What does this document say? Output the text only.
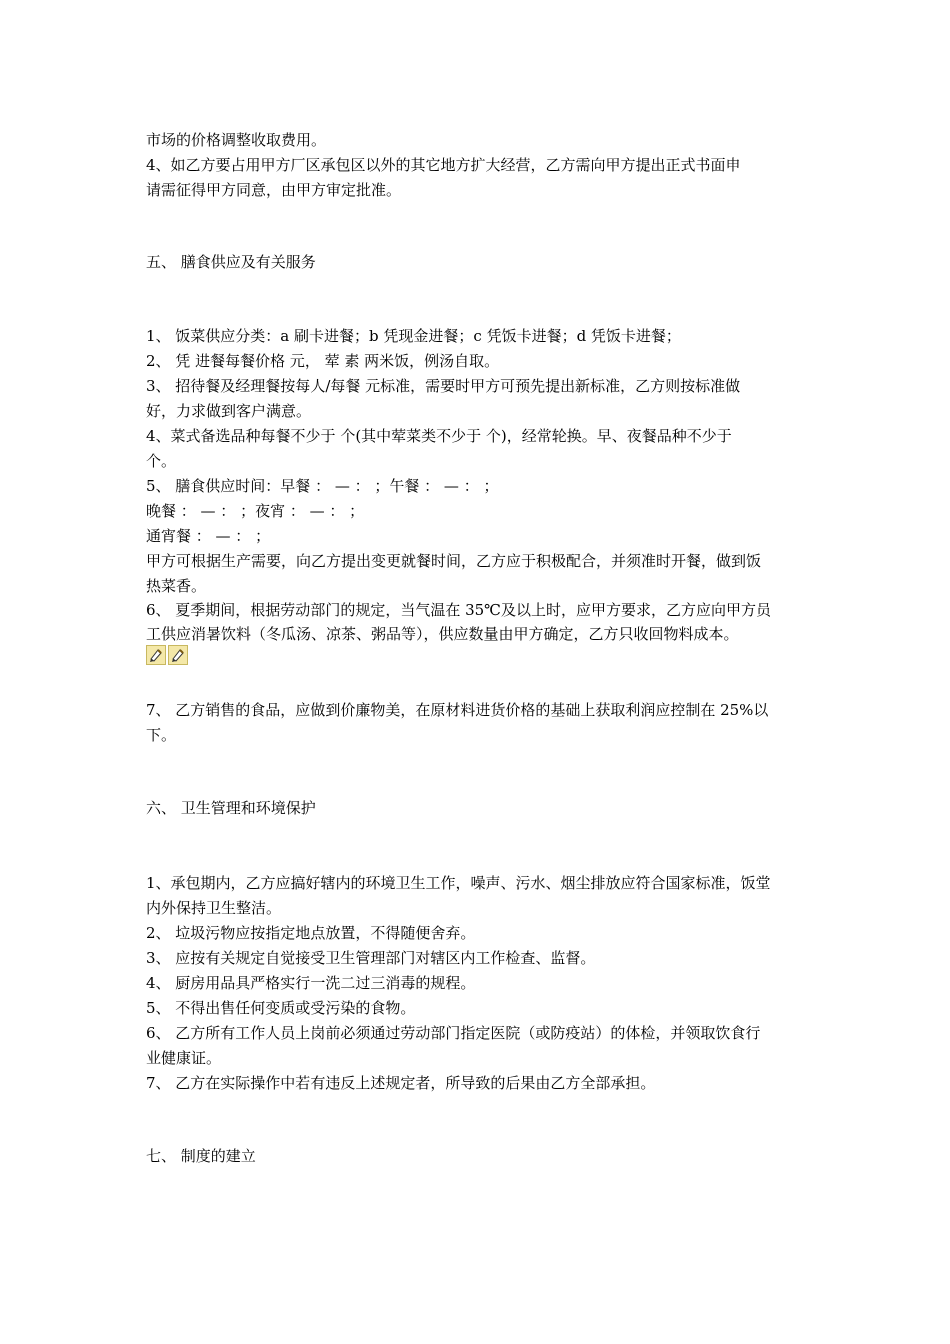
市场的价格调整收取费用。
4、如乙方要占用甲方厂区承包区以外的其它地方扩大经营，乙方需向甲方提出正式书面申
请需征得甲方同意，由甲方审定批准。
五、 膳食供应及有关服务
1、 饭菜供应分类：a 刷卡进餐；b 凭现金进餐；c 凭饭卡进餐；d 凭饭卡进餐；
2、 凭 进餐每餐价格 元， 荤 素 两米饭，例汤自取。
3、 招待餐及经理餐按每人/每餐 元标准，需要时甲方可预先提出新标准，乙方则按标准做
好，力求做到客户满意。
4、菜式备选品种每餐不少于 个(其中荤菜类不少于 个)，经常轮换。早、夜餐品种不少于
个。
5、 膳食供应时间：早餐 ： — ： ；午餐 ： — ： ；
晚餐 ： — ： ；夜宵 ： — ： ；
通宵餐 ： — ： ；
甲方可根据生产需要，向乙方提出变更就餐时间，乙方应于积极配合，并须准时开餐，做到饭
热菜香。
6、 夏季期间，根据劳动部门的规定，当气温在 35℃及以上时，应甲方要求，乙方应向甲方员
工供应消暑饮料（冬瓜汤、凉茶、粥品等），供应数量由甲方确定，乙方只收回物料成本。
7、 乙方销售的食品，应做到价廉物美，在原材料进货价格的基础上获取利润应控制在 25%以
下。
六、 卫生管理和环境保护
1、承包期内，乙方应搞好辖内的环境卫生工作，噪声、污水、烟尘排放应符合国家标准，饭堂
内外保持卫生整洁。
2、 垃圾污物应按指定地点放置，不得随便舍弃。
3、 应按有关规定自觉接受卫生管理部门对辖区内工作检查、监督。
4、 厨房用品具严格实行一洗二过三消毒的规程。
5、 不得出售任何变质或受污染的食物。
6、 乙方所有工作人员上岗前必须通过劳动部门指定医院（或防疫站）的体检，并领取饮食行
业健康证。
7、 乙方在实际操作中若有违反上述规定者，所导致的后果由乙方全部承担。
七、 制度的建立
